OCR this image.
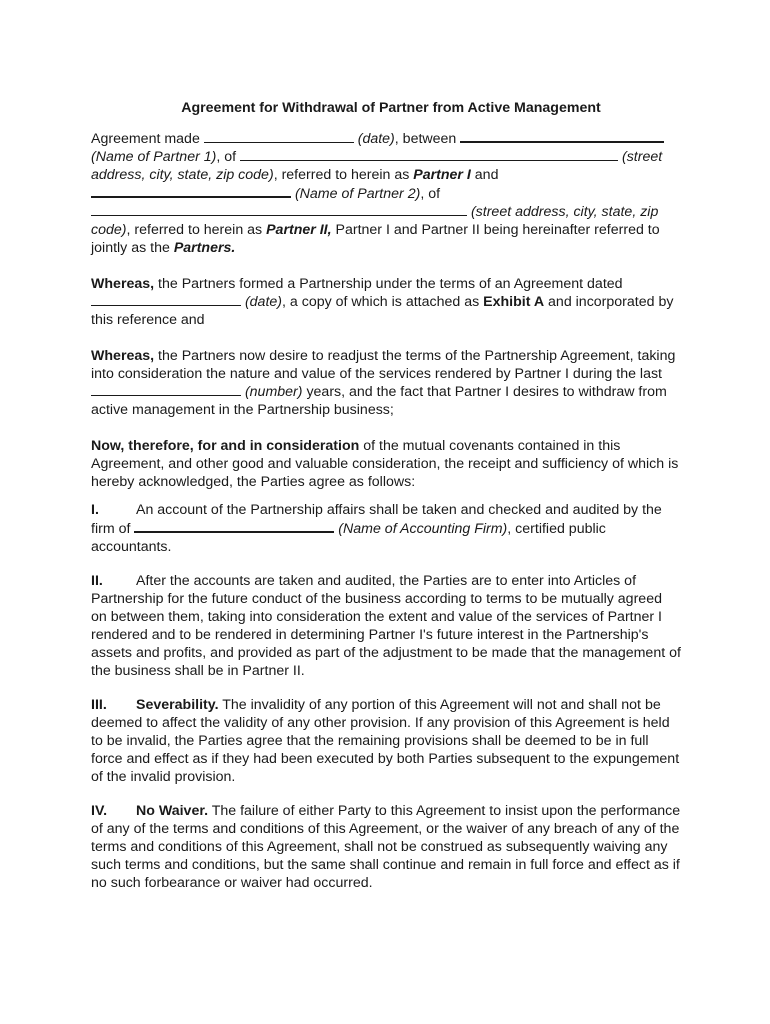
Agreement for Withdrawal of Partner from Active Management

Agreement made	(date), between  (Name of Partner 1), of	(street address, city, state, zip code), referred to herein as Partner I and  (Name of Partner 2), of  (street address, city, state, zip code), referred to herein as Partner II, Partner I and Partner II being hereinafter referred to jointly as the Partners.

Whereas, the Partners formed a Partnership under the terms of an Agreement dated  (date), a copy of which is attached as Exhibit A and incorporated by this reference and

Whereas, the Partners now desire to readjust the terms of the Partnership Agreement, taking into consideration the nature and value of the services rendered by Partner I during the last  (number) years, and the fact that Partner I desires to withdraw from active management in the Partnership business;

Now, therefore, for and in consideration of the mutual covenants contained in this Agreement, and other good and valuable consideration, the receipt and sufficiency of which is hereby acknowledged, the Parties agree as follows:

I.	An account of the Partnership affairs shall be taken and checked and audited by the firm of	(Name of Accounting Firm), certified public accountants.

II. After the accounts are taken and audited, the Parties are to enter into Articles of Partnership for the future conduct of the business according to terms to be mutually agreed on between them, taking into consideration the extent and value of the services of Partner I rendered and to be rendered in determining Partner I's future interest in the Partnership's assets and profits, and provided as part of the adjustment to be made that the management of the business shall be in Partner II.

III. Severability. The invalidity of any portion of this Agreement will not and shall not be deemed to affect the validity of any other provision. If any provision of this Agreement is held to be invalid, the Parties agree that the remaining provisions shall be deemed to be in full force and effect as if they had been executed by both Parties subsequent to the expungement of the invalid provision.

IV. No Waiver. The failure of either Party to this Agreement to insist upon the performance of any of the terms and conditions of this Agreement, or the waiver of any breach of any of the terms and conditions of this Agreement, shall not be construed as subsequently waiving any such terms and conditions, but the same shall continue and remain in full force and effect as if no such forbearance or waiver had occurred.
